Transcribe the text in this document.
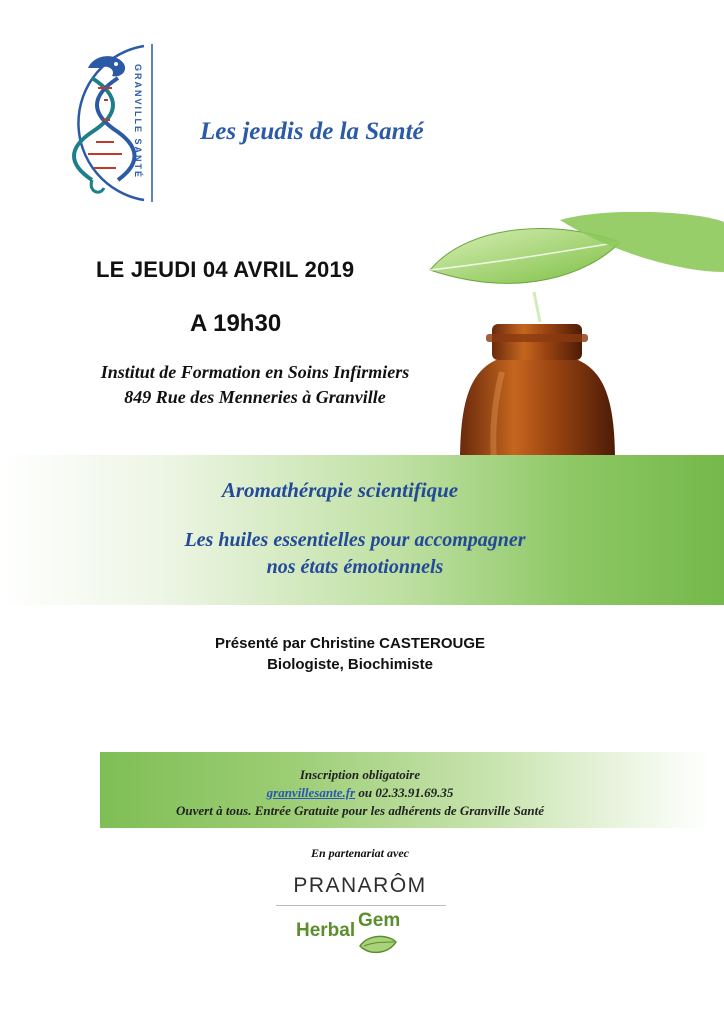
GRANVILLE SANTÉ Les jeudis de la Santé
LE JEUDI 04 AVRIL 2019
A 19h30
Institut de Formation en Soins Infirmiers
849 Rue des Menneries à Granville
Aromathérapie scientifique
Les huiles essentielles pour accompagner
nos états émotionnels
Présenté par Christine CASTEROUGE
Biologiste, Biochimiste
Inscription obligatoire
granvillesante.fr ou 02.33.91.69.35
Ouvert à tous. Entrée Gratuite pour les adhérents de Granville Santé
En partenariat avec
PRANARÔM
Herbal Gem
